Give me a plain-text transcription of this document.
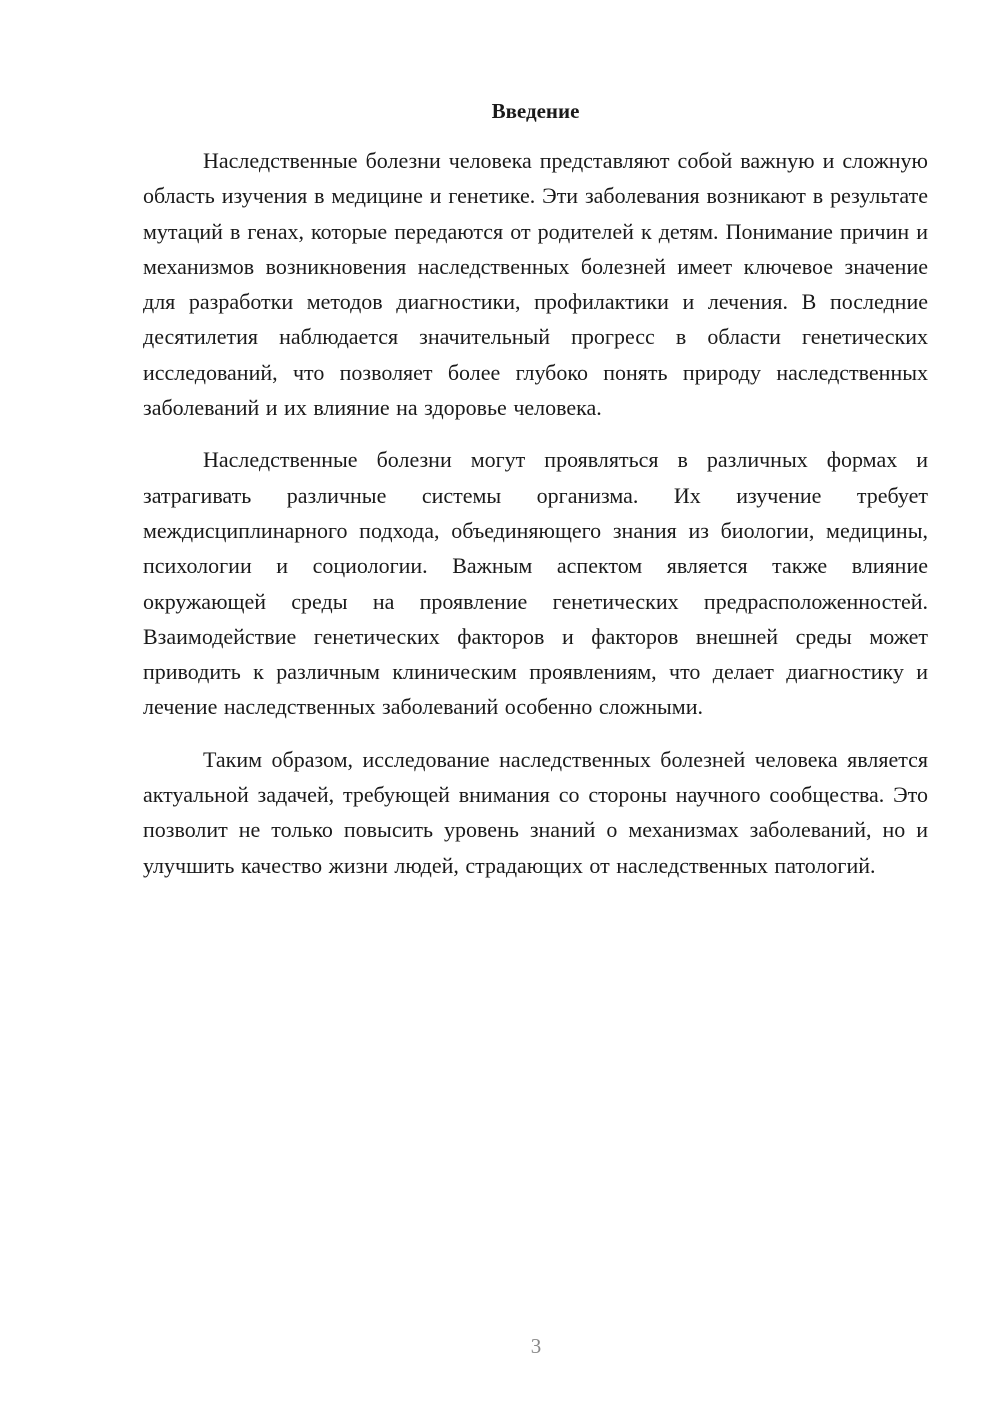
Введение

Наследственные болезни человека представляют собой важную и сложную область изучения в медицине и генетике. Эти заболевания возникают в результате мутаций в генах, которые передаются от родителей к детям. Понимание причин и механизмов возникновения наследственных болезней имеет ключевое значение для разработки методов диагностики, профилактики и лечения. В последние десятилетия наблюдается значительный прогресс в области генетических исследований, что позволяет более глубоко понять природу наследственных заболеваний и их влияние на здоровье человека.

Наследственные болезни могут проявляться в различных формах и затрагивать различные системы организма. Их изучение требует междисциплинарного подхода, объединяющего знания из биологии, медицины, психологии и социологии. Важным аспектом является также влияние окружающей среды на проявление генетических предрасположенностей. Взаимодействие генетических факторов и факторов внешней среды может приводить к различным клиническим проявлениям, что делает диагностику и лечение наследственных заболеваний особенно сложными.

Таким образом, исследование наследственных болезней человека является актуальной задачей, требующей внимания со стороны научного сообщества. Это позволит не только повысить уровень знаний о механизмах заболеваний, но и улучшить качество жизни людей, страдающих от наследственных патологий.

3
